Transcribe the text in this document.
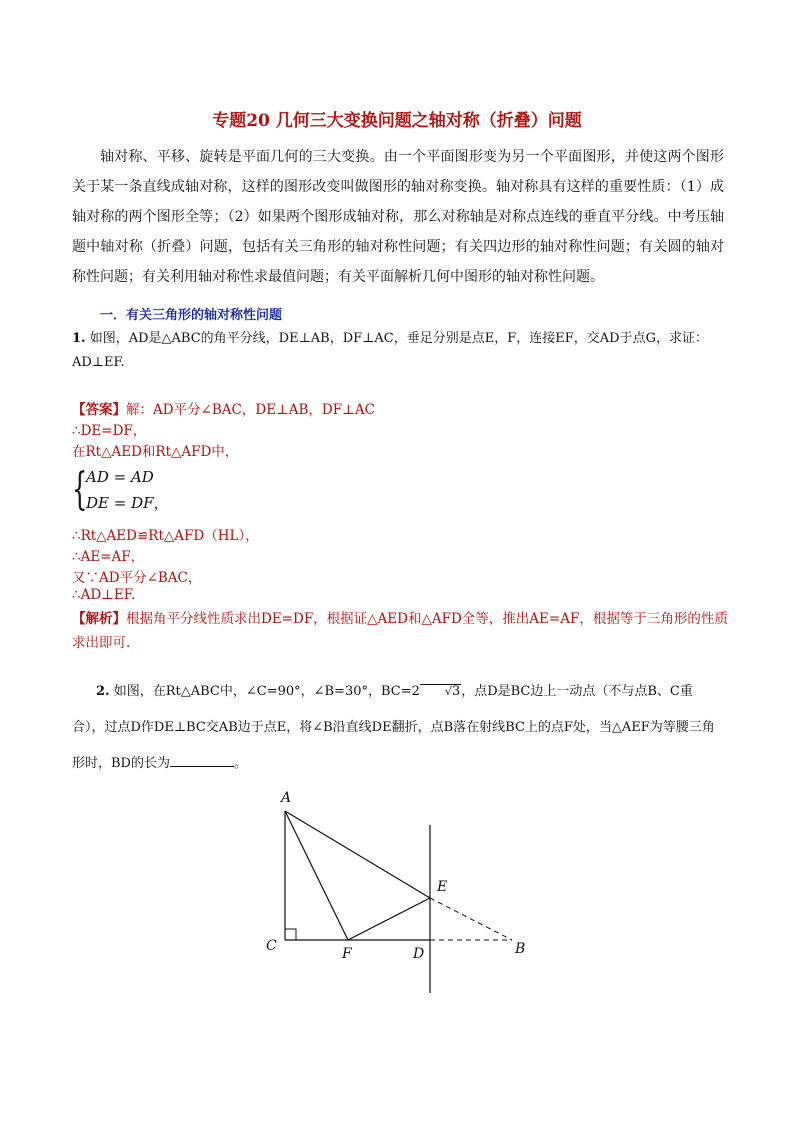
专题20 几何三大变换问题之轴对称（折叠）问题

轴对称、平移、旋转是平面几何的三大变换。由一个平面图形变为另一个平面图形，并使这两个图形关于某一条直线成轴对称，这样的图形改变叫做图形的轴对称变换。轴对称具有这样的重要性质：（1）成轴对称的两个图形全等；（2）如果两个图形成轴对称，那么对称轴是对称点连线的垂直平分线。中考压轴题中轴对称（折叠）问题，包括有关三角形的轴对称性问题；有关四边形的轴对称性问题；有关圆的轴对称性问题；有关利用轴对称性求最值问题；有关平面解析几何中图形的轴对称性问题。

一．有关三角形的轴对称性问题

1. 如图，AD是△ABC的角平分线，DE⊥AB，DF⊥AC，垂足分别是点E，F，连接EF，交AD于点G，求证：AD⊥EF.

【答案】解：AD平分∠BAC，DE⊥AB，DF⊥AC
∴DE=DF，
在Rt△AED和Rt△AFD中，
{
AD = AD
DE = DF，
∴Rt△AED≌Rt△AFD（HL），
∴AE=AF，
又∵AD平分∠BAC，
∴AD⊥EF.

【解析】根据角平分线性质求出DE=DF，根据证△AED和△AFD全等，推出AE=AF，根据等于三角形的性质求出即可.

2. 如图，在Rt△ABC中，∠C=90°，∠B=30°，BC=2 √3，点D是BC边上一动点（不与点B、C重合），过点D作DE⊥BC交AB边于点E，将∠B沿直线DE翻折，点B落在射线BC上的点F处，当△AEF为等腰三角形时，BD的长为	。

A
C	F	D
E
B
